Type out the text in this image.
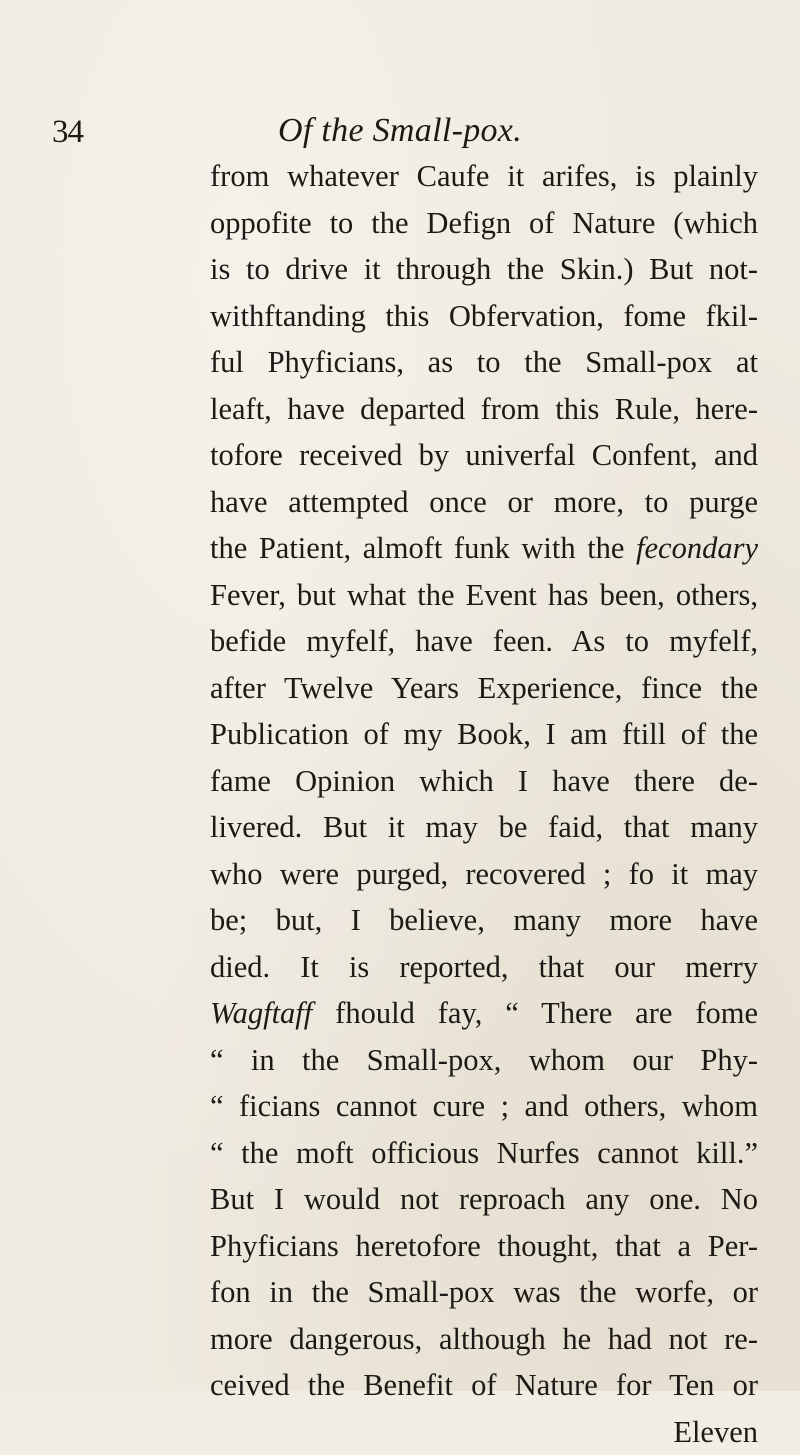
34	Of the Small-pox.
from whatever Caufe it arifes, is plainly
oppofite to the Defign of Nature (which
is to drive it through the Skin.) But not-
withftanding this Obfervation, fome fkil-
ful Phyficians, as to the Small-pox at
leaft, have departed from this Rule, here-
tofore received by univerfal Confent, and
have attempted once or more, to purge
the Patient, almoft funk with the fecondary
Fever, but what the Event has been, others,
befide myfelf, have feen. As to myfelf,
after Twelve Years Experience, fince the
Publication of my Book, I am ftill of the
fame Opinion which I have there de-
livered. But it may be faid, that many
who were purged, recovered ; fo it may
be; but, I believe, many more have
died. It is reported, that our merry
Wagftaff fhould fay, “ There are fome
“ in the Small-pox, whom our Phy-
“ ficians cannot cure ; and others, whom
“ the moft officious Nurfes cannot kill.”
But I would not reproach any one. No
Phyficians heretofore thought, that a Per-
fon in the Small-pox was the worfe, or
more dangerous, although he had not re-
ceived the Benefit of Nature for Ten or
Eleven
